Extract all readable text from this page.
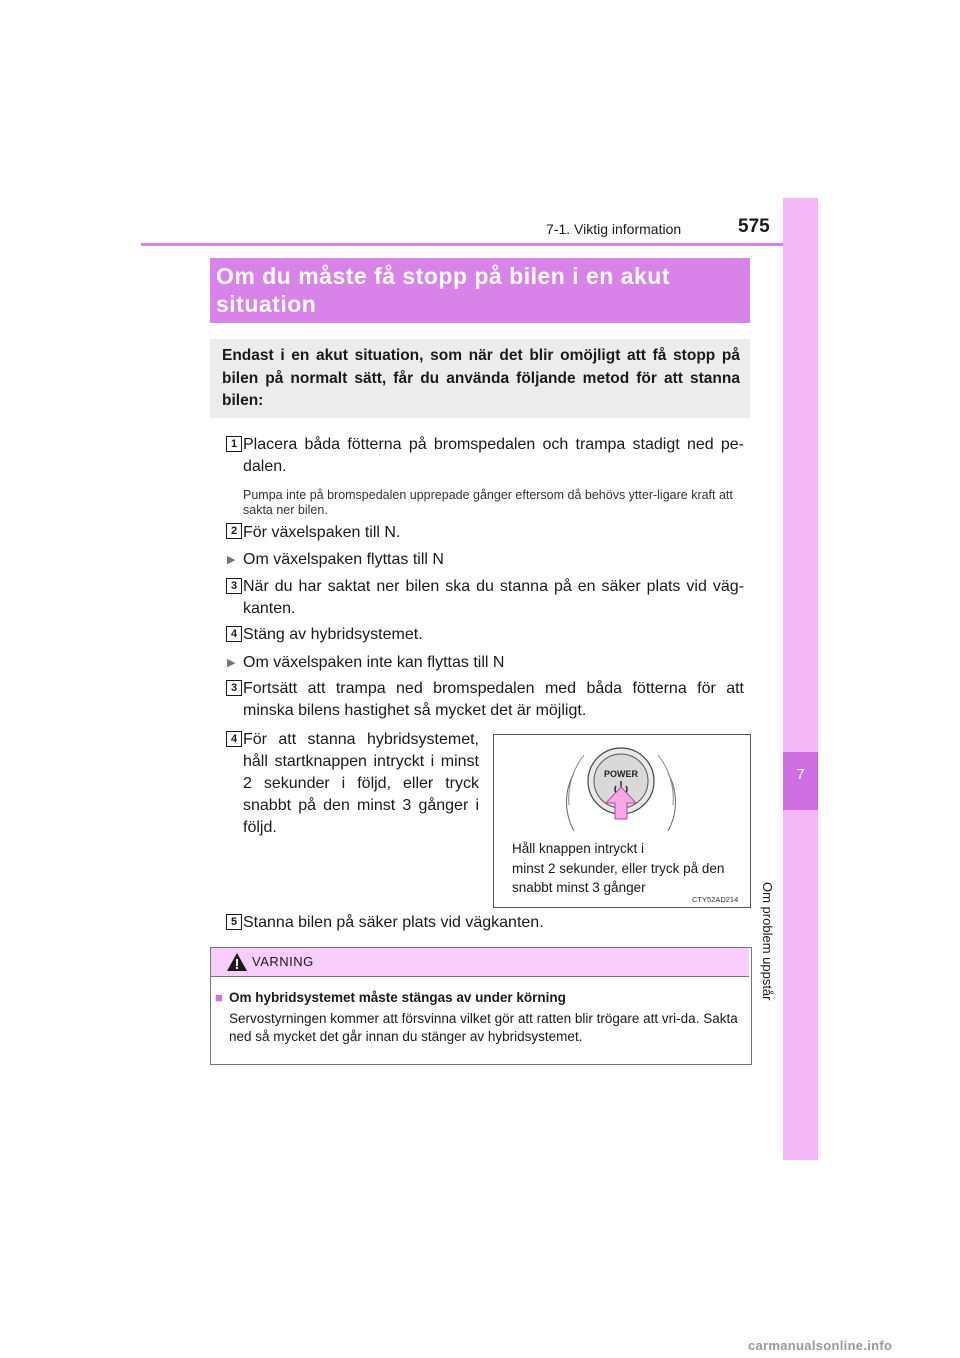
7-1. Viktig information	575
7
Om problem uppstår
Om du måste få stopp på bilen i en akut
situation
Endast i en akut situation, som när det blir omöjligt att få stopp på bilen på normalt sätt, får du använda följande metod för att stanna bilen:
1 Placera båda fötterna på bromspedalen och trampa stadigt ned pe-dalen.
Pumpa inte på bromspedalen upprepade gånger eftersom då behövs ytter-ligare kraft att sakta ner bilen.
2 För växelspaken till N.
▶ Om växelspaken flyttas till N
3 När du har saktat ner bilen ska du stanna på en säker plats vid väg-kanten.
4 Stäng av hybridsystemet.
▶ Om växelspaken inte kan flyttas till N
3 Fortsätt att trampa ned bromspedalen med båda fötterna för att minska bilens hastighet så mycket det är möjligt.
4 För att stanna hybridsystemet, håll startknappen intryckt i minst 2 sekunder i följd, eller tryck snabbt på den minst 3 gånger i följd.
POWER
Håll knappen intryckt i
minst 2 sekunder, eller tryck på den
snabbt minst 3 gånger
CTY52AD214
5 Stanna bilen på säker plats vid vägkanten.
VARNING
■ Om hybridsystemet måste stängas av under körning
Servostyrningen kommer att försvinna vilket gör att ratten blir trögare att vri-da. Sakta ned så mycket det går innan du stänger av hybridsystemet.
carmanualsonline.info
